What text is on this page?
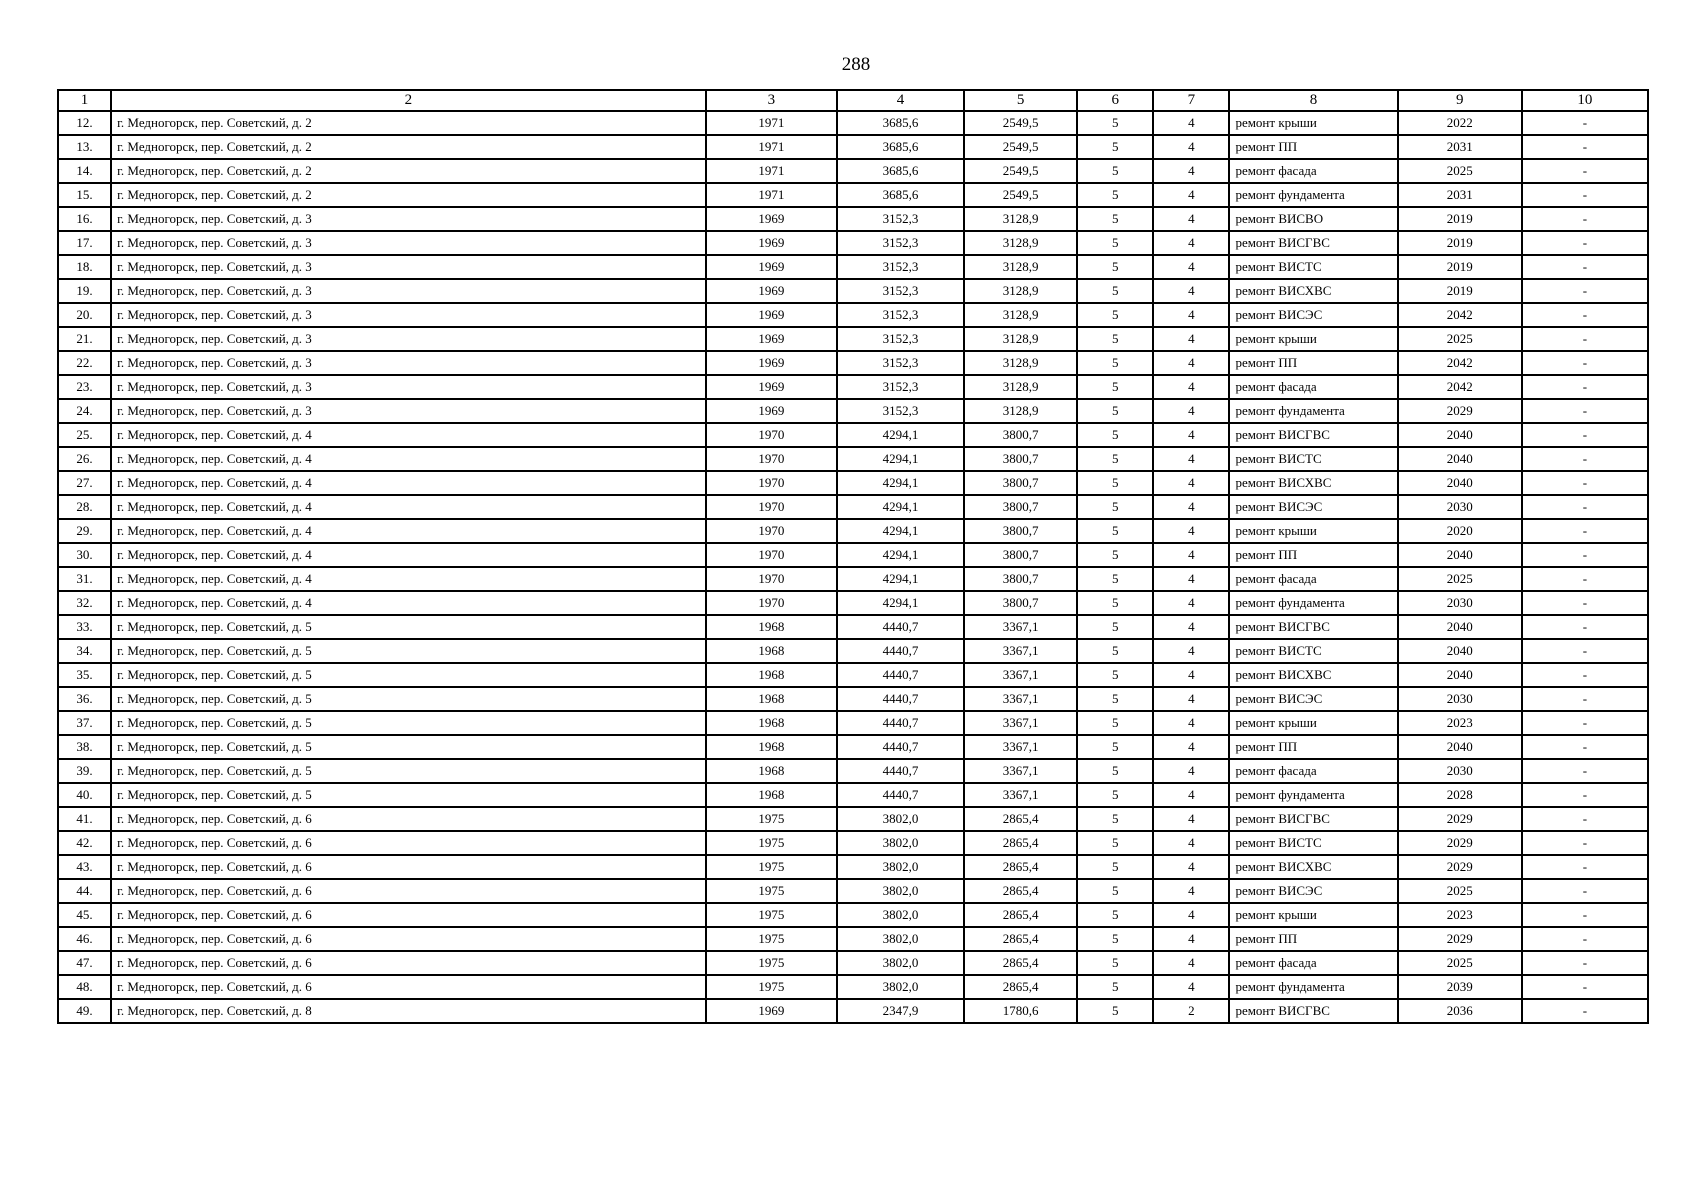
288
1	2	3	4	5	6	7	8	9	10
12.	г. Медногорск, пер. Советский, д. 2	1971	3685,6	2549,5	5	4	ремонт крыши	2022	-
13.	г. Медногорск, пер. Советский, д. 2	1971	3685,6	2549,5	5	4	ремонт ПП	2031	-
14.	г. Медногорск, пер. Советский, д. 2	1971	3685,6	2549,5	5	4	ремонт фасада	2025	-
15.	г. Медногорск, пер. Советский, д. 2	1971	3685,6	2549,5	5	4	ремонт фундамента	2031	-
16.	г. Медногорск, пер. Советский, д. 3	1969	3152,3	3128,9	5	4	ремонт ВИСВО	2019	-
17.	г. Медногорск, пер. Советский, д. 3	1969	3152,3	3128,9	5	4	ремонт ВИСГВС	2019	-
18.	г. Медногорск, пер. Советский, д. 3	1969	3152,3	3128,9	5	4	ремонт ВИСТС	2019	-
19.	г. Медногорск, пер. Советский, д. 3	1969	3152,3	3128,9	5	4	ремонт ВИСХВС	2019	-
20.	г. Медногорск, пер. Советский, д. 3	1969	3152,3	3128,9	5	4	ремонт ВИСЭС	2042	-
21.	г. Медногорск, пер. Советский, д. 3	1969	3152,3	3128,9	5	4	ремонт крыши	2025	-
22.	г. Медногорск, пер. Советский, д. 3	1969	3152,3	3128,9	5	4	ремонт ПП	2042	-
23.	г. Медногорск, пер. Советский, д. 3	1969	3152,3	3128,9	5	4	ремонт фасада	2042	-
24.	г. Медногорск, пер. Советский, д. 3	1969	3152,3	3128,9	5	4	ремонт фундамента	2029	-
25.	г. Медногорск, пер. Советский, д. 4	1970	4294,1	3800,7	5	4	ремонт ВИСГВС	2040	-
26.	г. Медногорск, пер. Советский, д. 4	1970	4294,1	3800,7	5	4	ремонт ВИСТС	2040	-
27.	г. Медногорск, пер. Советский, д. 4	1970	4294,1	3800,7	5	4	ремонт ВИСХВС	2040	-
28.	г. Медногорск, пер. Советский, д. 4	1970	4294,1	3800,7	5	4	ремонт ВИСЭС	2030	-
29.	г. Медногорск, пер. Советский, д. 4	1970	4294,1	3800,7	5	4	ремонт крыши	2020	-
30.	г. Медногорск, пер. Советский, д. 4	1970	4294,1	3800,7	5	4	ремонт ПП	2040	-
31.	г. Медногорск, пер. Советский, д. 4	1970	4294,1	3800,7	5	4	ремонт фасада	2025	-
32.	г. Медногорск, пер. Советский, д. 4	1970	4294,1	3800,7	5	4	ремонт фундамента	2030	-
33.	г. Медногорск, пер. Советский, д. 5	1968	4440,7	3367,1	5	4	ремонт ВИСГВС	2040	-
34.	г. Медногорск, пер. Советский, д. 5	1968	4440,7	3367,1	5	4	ремонт ВИСТС	2040	-
35.	г. Медногорск, пер. Советский, д. 5	1968	4440,7	3367,1	5	4	ремонт ВИСХВС	2040	-
36.	г. Медногорск, пер. Советский, д. 5	1968	4440,7	3367,1	5	4	ремонт ВИСЭС	2030	-
37.	г. Медногорск, пер. Советский, д. 5	1968	4440,7	3367,1	5	4	ремонт крыши	2023	-
38.	г. Медногорск, пер. Советский, д. 5	1968	4440,7	3367,1	5	4	ремонт ПП	2040	-
39.	г. Медногорск, пер. Советский, д. 5	1968	4440,7	3367,1	5	4	ремонт фасада	2030	-
40.	г. Медногорск, пер. Советский, д. 5	1968	4440,7	3367,1	5	4	ремонт фундамента	2028	-
41.	г. Медногорск, пер. Советский, д. 6	1975	3802,0	2865,4	5	4	ремонт ВИСГВС	2029	-
42.	г. Медногорск, пер. Советский, д. 6	1975	3802,0	2865,4	5	4	ремонт ВИСТС	2029	-
43.	г. Медногорск, пер. Советский, д. 6	1975	3802,0	2865,4	5	4	ремонт ВИСХВС	2029	-
44.	г. Медногорск, пер. Советский, д. 6	1975	3802,0	2865,4	5	4	ремонт ВИСЭС	2025	-
45.	г. Медногорск, пер. Советский, д. 6	1975	3802,0	2865,4	5	4	ремонт крыши	2023	-
46.	г. Медногорск, пер. Советский, д. 6	1975	3802,0	2865,4	5	4	ремонт ПП	2029	-
47.	г. Медногорск, пер. Советский, д. 6	1975	3802,0	2865,4	5	4	ремонт фасада	2025	-
48.	г. Медногорск, пер. Советский, д. 6	1975	3802,0	2865,4	5	4	ремонт фундамента	2039	-
49.	г. Медногорск, пер. Советский, д. 8	1969	2347,9	1780,6	5	2	ремонт ВИСГВС	2036	-
